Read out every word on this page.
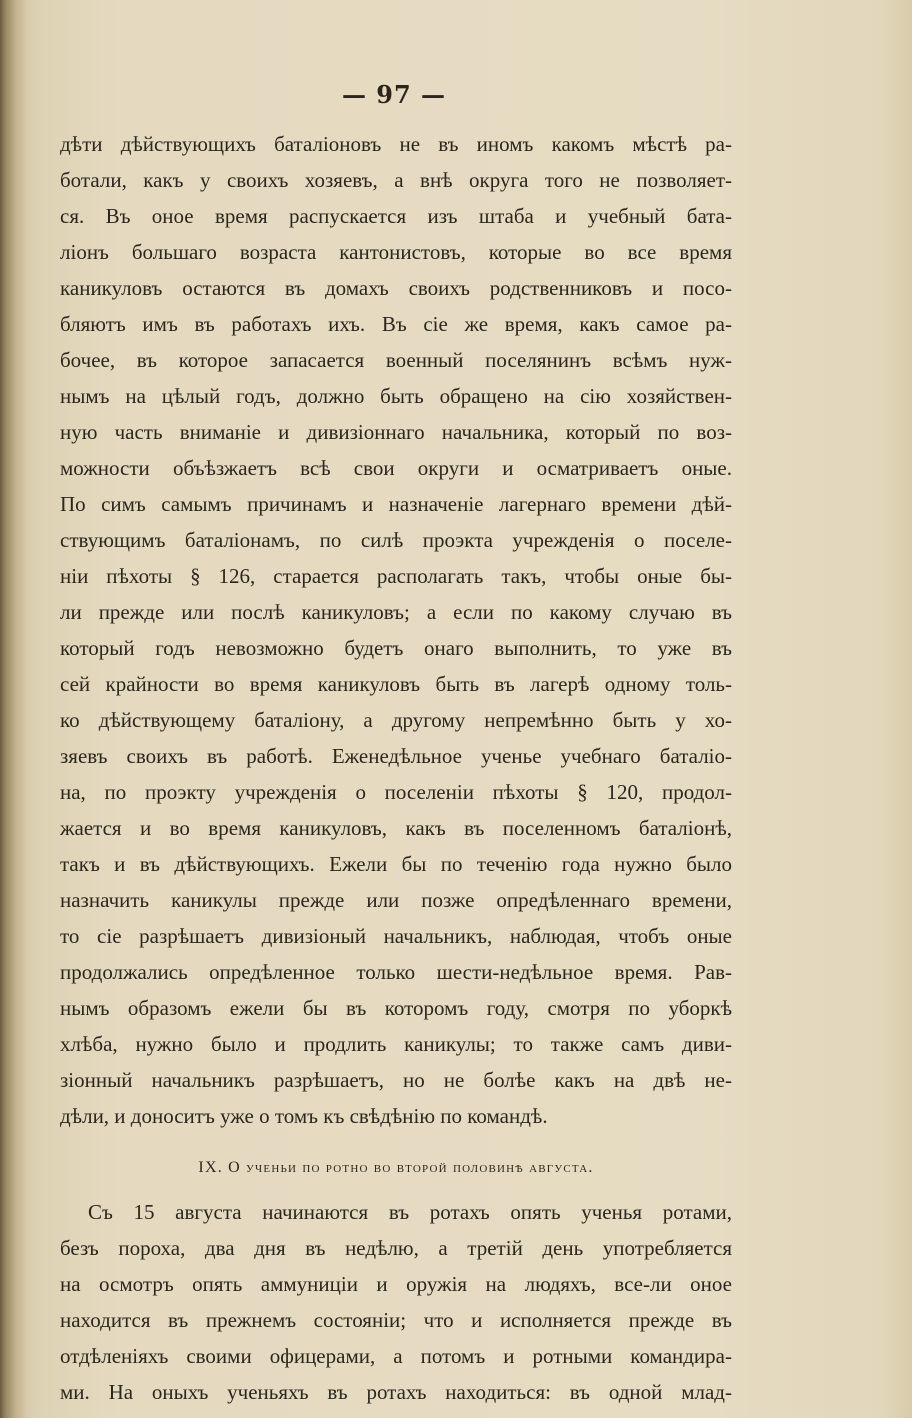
— 97 —
дѣти дѣйствующихъ баталіоновъ не въ иномъ какомъ мѣстѣ ра-
ботали, какъ у своихъ хозяевъ, а внѣ округа того не позволяет-
ся. Въ оное время распускается изъ штаба и учебный бата-
ліонъ большаго возраста кантонистовъ, которые во все время
каникуловъ остаются въ домахъ своихъ родственниковъ и посо-
бляютъ имъ въ работахъ ихъ. Въ сіе же время, какъ самое ра-
бочее, въ которое запасается военный поселянинъ всѣмъ нуж-
нымъ на цѣлый годъ, должно быть обращено на сію хозяйствен-
ную часть вниманіе и дивизіоннаго начальника, который по воз-
можности объѣзжаетъ всѣ свои округи и осматриваетъ оные.
По симъ самымъ причинамъ и назначеніе лагернаго времени дѣй-
ствующимъ баталіонамъ, по силѣ проэкта учрежденія о поселе-
ніи пѣхоты § 126, старается располагать такъ, чтобы оные бы-
ли прежде или послѣ каникуловъ; а если по какому случаю въ
который годъ невозможно будетъ онаго выполнить, то уже въ
сей крайности во время каникуловъ быть въ лагерѣ одному толь-
ко дѣйствующему баталіону, а другому непремѣнно быть у хо-
зяевъ своихъ въ работѣ. Еженедѣльное ученье учебнаго баталіо-
на, по проэкту учрежденія о поселеніи пѣхоты § 120, продол-
жается и во время каникуловъ, какъ въ поселенномъ баталіонѣ,
такъ и въ дѣйствующихъ. Ежели бы по теченію года нужно было
назначить каникулы прежде или позже опредѣленнаго времени,
то сіе разрѣшаетъ дивизіоный начальникъ, наблюдая, чтобъ оные
продолжались опредѣленное только шести-недѣльное время. Рав-
нымъ образомъ ежели бы въ которомъ году, смотря по уборкѣ
хлѣба, нужно было и продлить каникулы; то также самъ диви-
зіонный начальникъ разрѣшаетъ, но не болѣе какъ на двѣ не-
дѣли, и доноситъ уже о томъ къ свѣдѣнію по командѣ.
IX. О ученьи по ротно во второй половинѣ августа.
Съ 15 августа начинаются въ ротахъ опять ученья ротами,
безъ пороха, два дня въ недѣлю, а третій день употребляется
на осмотръ опять аммуниціи и оружія на людяхъ, все-ли оное
находится въ прежнемъ состояніи; что и исполняется прежде въ
отдѣленіяхъ своими офицерами, а потомъ и ротными командира-
ми. На оныхъ ученьяхъ въ ротахъ находиться: въ одной млад-
